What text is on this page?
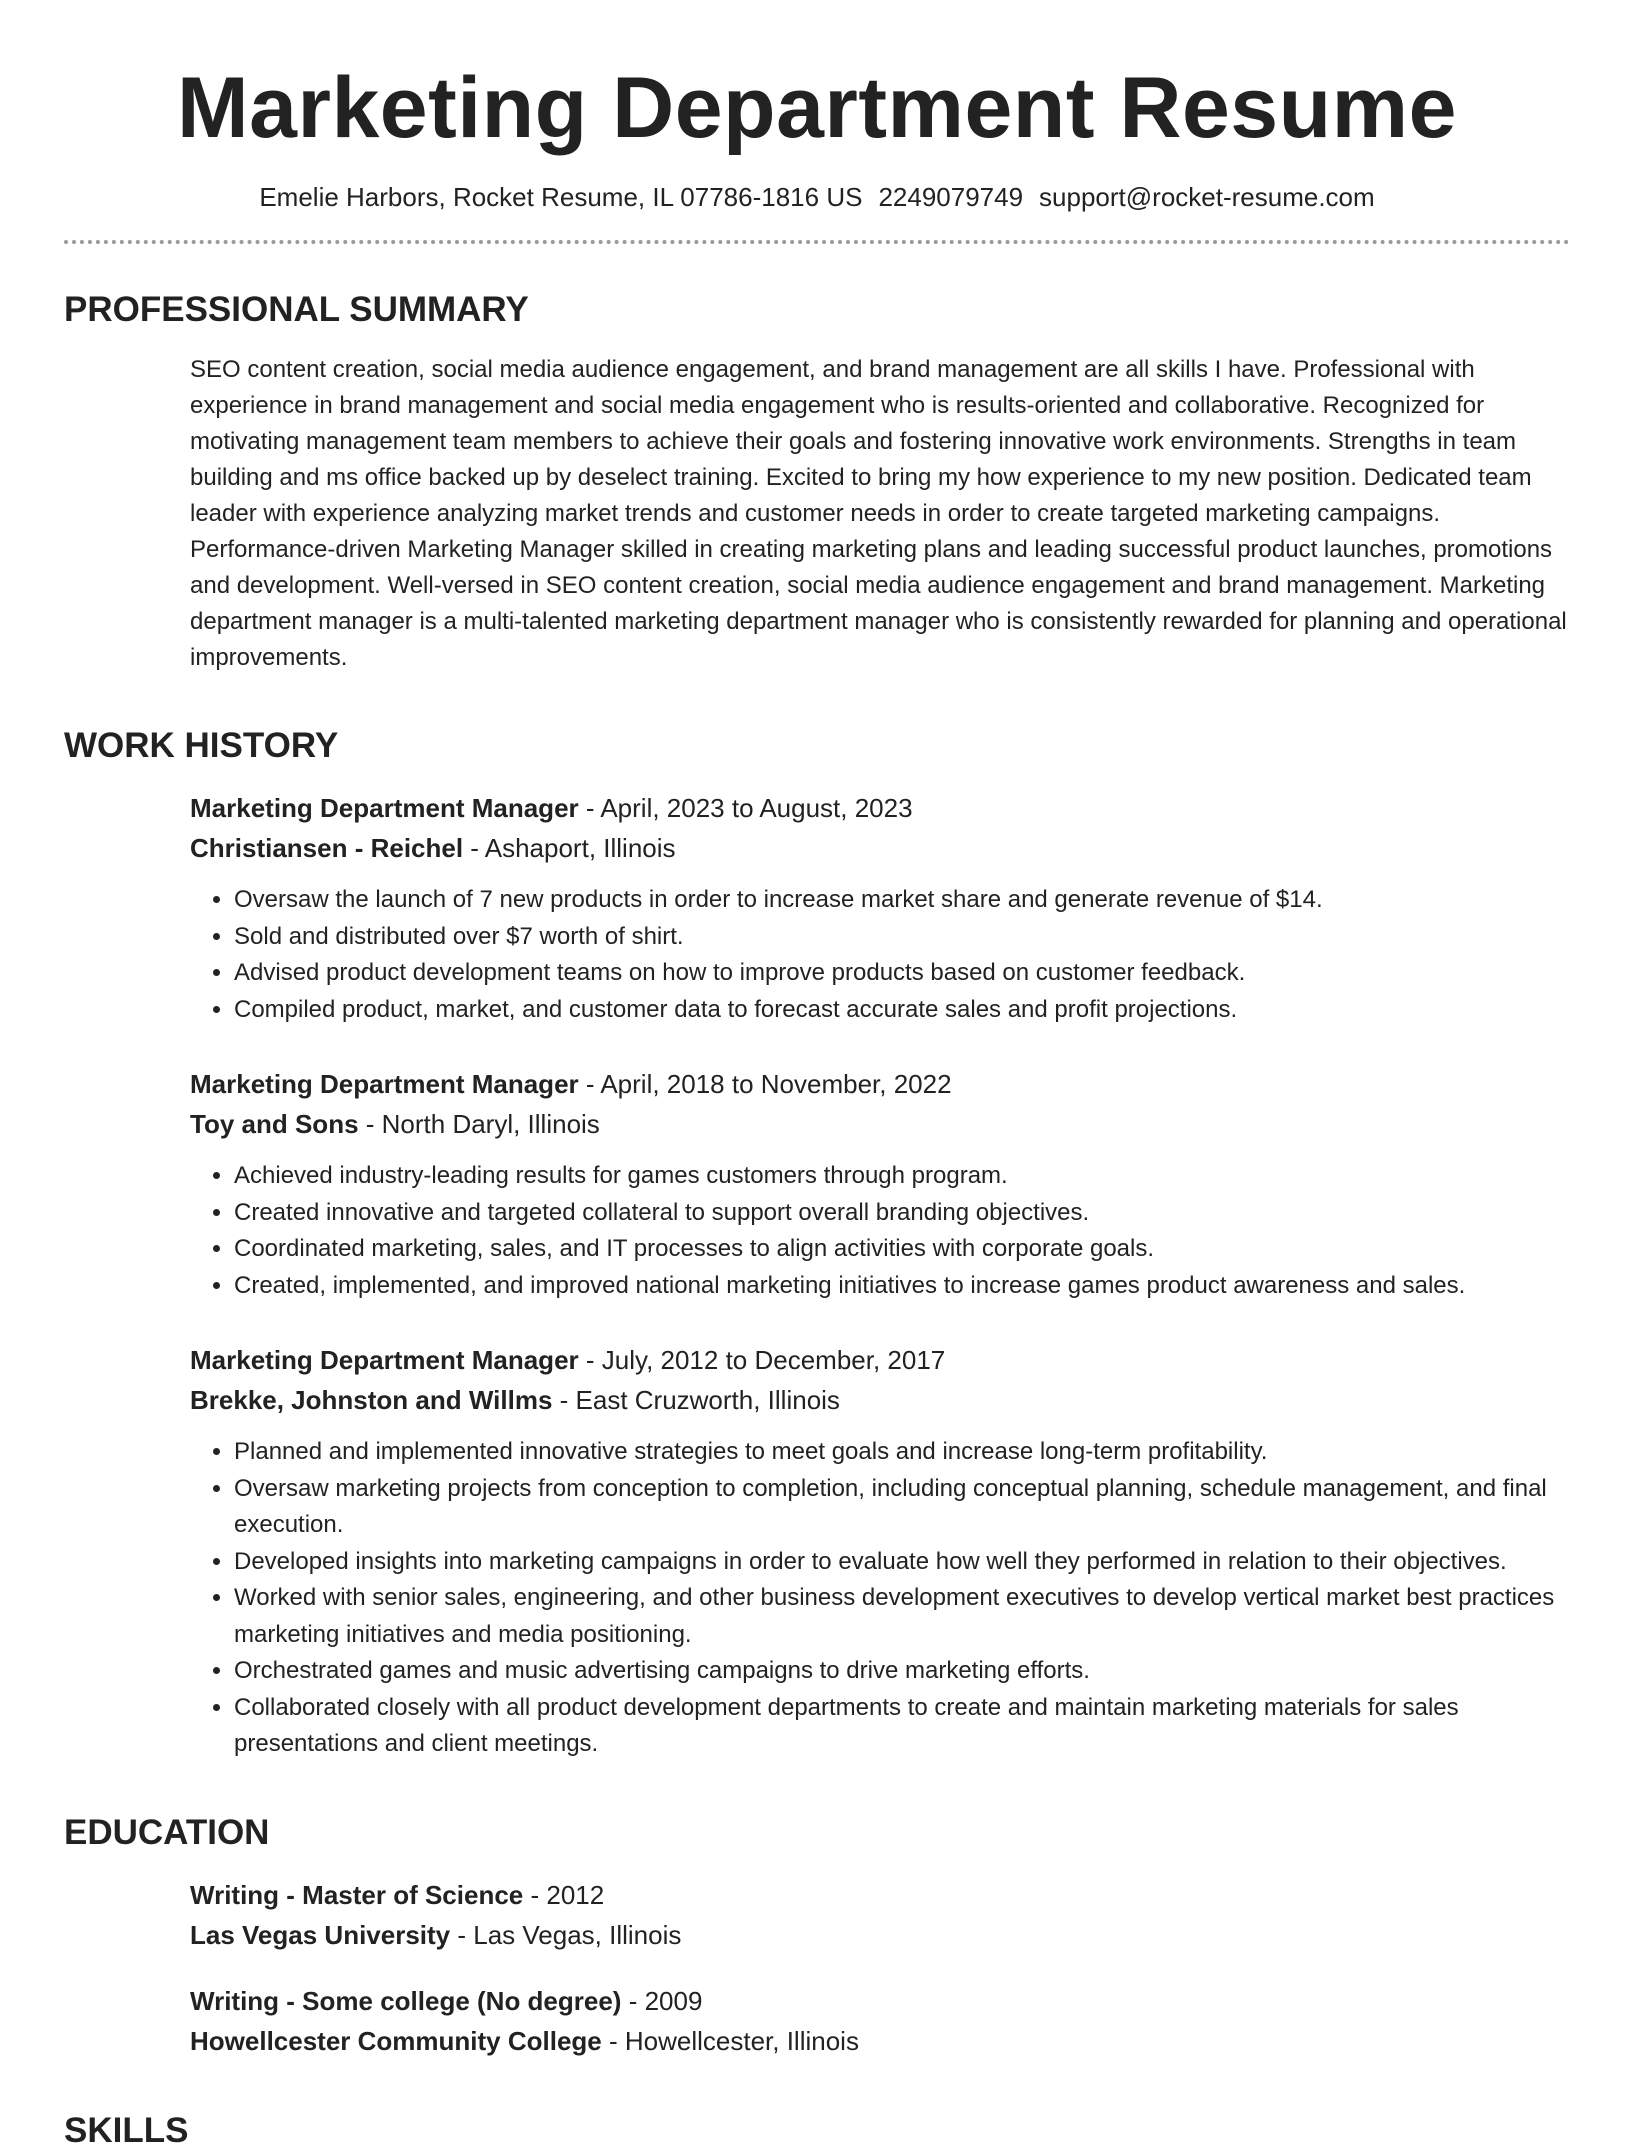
Marketing Department Resume
Emelie Harbors, Rocket Resume, IL 07786-1816 US 2249079749 support@rocket-resume.com
PROFESSIONAL SUMMARY
SEO content creation, social media audience engagement, and brand management are all skills I have. Professional with experience in brand management and social media engagement who is results-oriented and collaborative. Recognized for motivating management team members to achieve their goals and fostering innovative work environments. Strengths in team building and ms office backed up by deselect training. Excited to bring my how experience to my new position. Dedicated team leader with experience analyzing market trends and customer needs in order to create targeted marketing campaigns. Performance-driven Marketing Manager skilled in creating marketing plans and leading successful product launches, promotions and development. Well-versed in SEO content creation, social media audience engagement and brand management. Marketing department manager is a multi-talented marketing department manager who is consistently rewarded for planning and operational improvements.
WORK HISTORY
Marketing Department Manager - April, 2023 to August, 2023
Christiansen - Reichel - Ashaport, Illinois
• Oversaw the launch of 7 new products in order to increase market share and generate revenue of $14.
• Sold and distributed over $7 worth of shirt.
• Advised product development teams on how to improve products based on customer feedback.
• Compiled product, market, and customer data to forecast accurate sales and profit projections.
Marketing Department Manager - April, 2018 to November, 2022
Toy and Sons - North Daryl, Illinois
• Achieved industry-leading results for games customers through program.
• Created innovative and targeted collateral to support overall branding objectives.
• Coordinated marketing, sales, and IT processes to align activities with corporate goals.
• Created, implemented, and improved national marketing initiatives to increase games product awareness and sales.
Marketing Department Manager - July, 2012 to December, 2017
Brekke, Johnston and Willms - East Cruzworth, Illinois
• Planned and implemented innovative strategies to meet goals and increase long-term profitability.
• Oversaw marketing projects from conception to completion, including conceptual planning, schedule management, and final execution.
• Developed insights into marketing campaigns in order to evaluate how well they performed in relation to their objectives.
• Worked with senior sales, engineering, and other business development executives to develop vertical market best practices marketing initiatives and media positioning.
• Orchestrated games and music advertising campaigns to drive marketing efforts.
• Collaborated closely with all product development departments to create and maintain marketing materials for sales presentations and client meetings.
EDUCATION
Writing - Master of Science - 2012
Las Vegas University - Las Vegas, Illinois
Writing - Some college (No degree) - 2009
Howellcester Community College - Howellcester, Illinois
SKILLS
